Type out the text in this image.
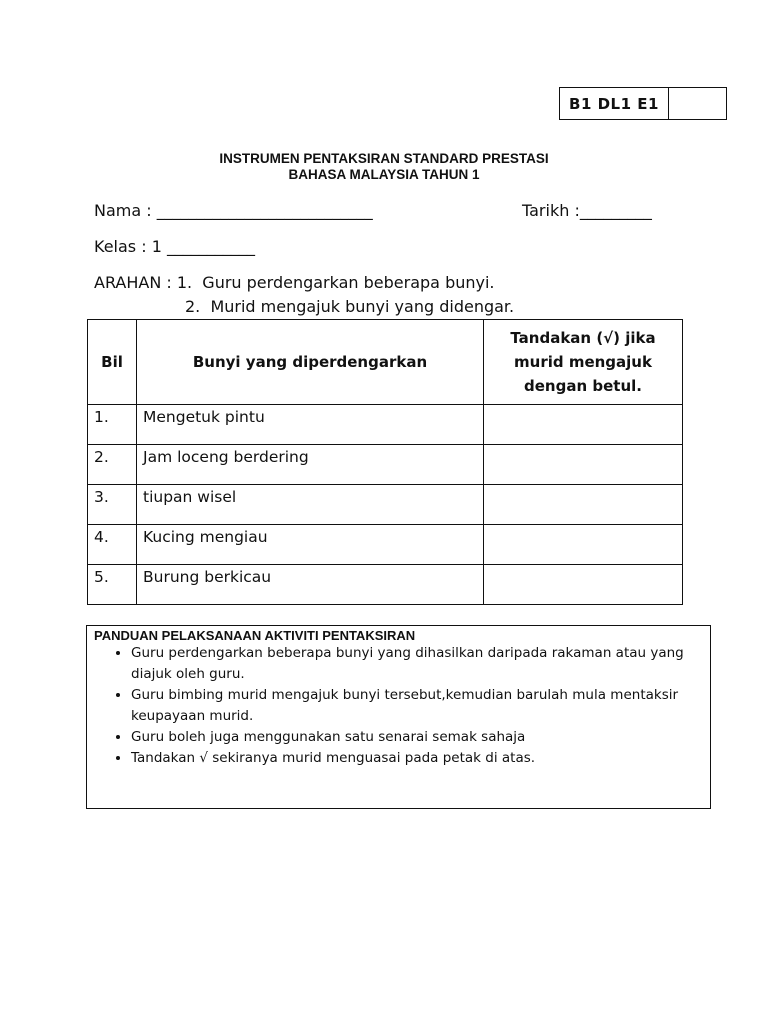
B1 DL1 E1
INSTRUMEN PENTAKSIRAN STANDARD PRESTASI
BAHASA MALAYSIA TAHUN 1
Nama : ___________________________	Tarikh :_________
Kelas : 1 ___________
ARAHAN : 1.  Guru perdengarkan beberapa bunyi.
2.  Murid mengajuk bunyi yang didengar.
Bil	Bunyi yang diperdengarkan	Tandakan (√) jika
murid mengajuk
dengan betul.

1.	Mengetuk pintu	
2.	Jam loceng berdering	
3.	tiupan wisel	
4.	Kucing mengiau	
5.	Burung berkicau	
PANDUAN PELAKSANAAN AKTIVITI PENTAKSIRAN
• Guru perdengarkan beberapa bunyi yang dihasilkan daripada rakaman atau yang diajuk oleh guru.
• Guru bimbing murid mengajuk bunyi tersebut,kemudian barulah mula mentaksir keupayaan murid.
• Guru boleh juga menggunakan satu senarai semak sahaja
• Tandakan √ sekiranya murid menguasai pada petak di atas.
